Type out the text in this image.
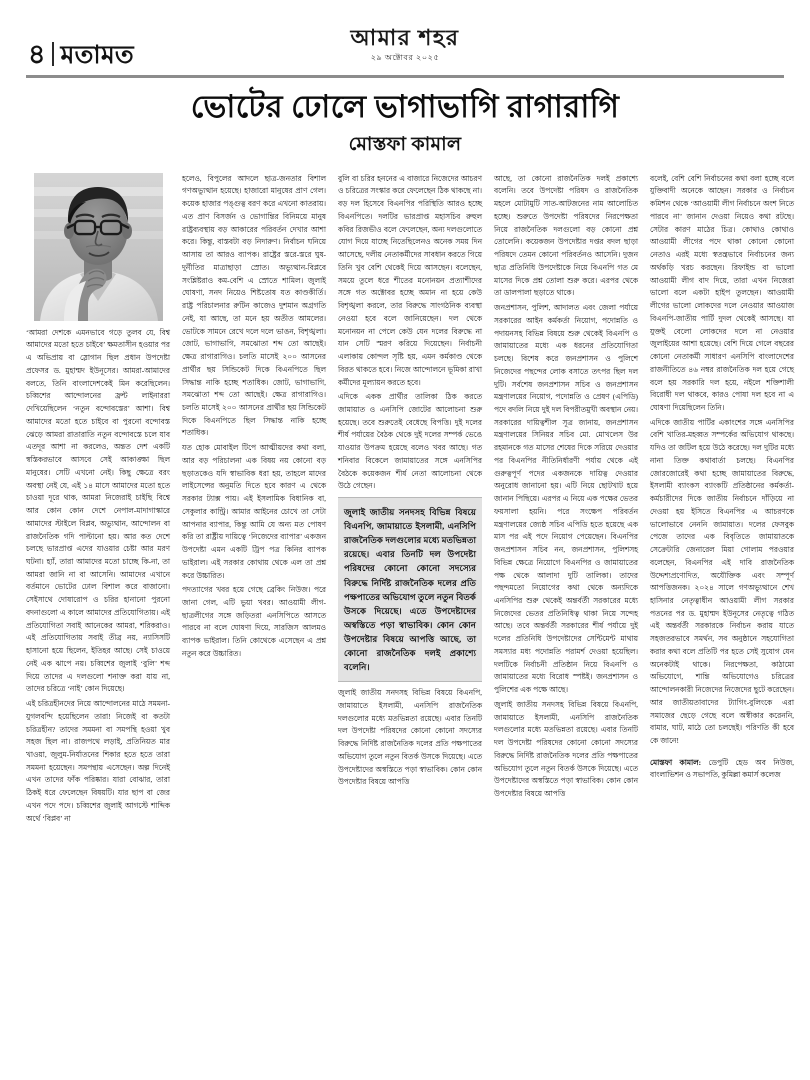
৪ মতামত
আমার শহর
২৯ অক্টোবর ২০২৫
ভোটের ঢোলে ভাগাভাগি রাগারাগি
মোস্তফা কামাল

‘আমরা দেশকে এমনভাবে গড়ে তুলব যে, বিশ্ব আমাদের মতো হতে চাইবে’ ক্ষমতাসীন হওয়ার পর এ অভিপ্রায় বা স্লোগান ছিল প্রধান উপদেষ্টা প্রফেসর ড. মুহাম্মদ ইউনূসের। আমরা-আমাদের বলতে, তিনি বাংলাদেশকেই মিন করেছিলেন। চব্বিশের আন্দোলনের ফ্রন্ট লাইনাররা দেখিয়েছিলেন ‘নতুন বন্দোবস্তের’ আশা। বিশ্ব আমাদের মতো হতে চাইবে বা পুরনো বন্দোবস্ত ঝেড়ে আমরা রাতারাতি নতুন বন্দোবস্তে চলে যাব এতদূর আশা না করলেও, অন্তত দেশ একটি স্বস্তিকরভাবে আসবে সেই আকাঙ্ক্ষা ছিল মানুষের। সেটি এখনো নেই। কিছু ক্ষেত্রে বরং অবস্থা নেই যে, এই ১৪ মাসে আমাদের মতো হতে চাওয়া দূরে থাক, আমরা নিজেরাই চাইছি বিশ্বে আর কোন কোন দেশে নেপাল-মাদাগাস্কারে আমাদের স্টাইলে বিপ্লব, অভ্যুত্থান, আন্দোলন বা রাজনৈতিক গদি পাল্টানো হয়। আর কত দেশে চলছে ভারপ্রাপ্ত এদের যাওয়ার চেষ্টা আর মরণ ঘটনা। হ্যাঁ, তারা আমাদের মতো চাচ্ছে কি-না, তা আমরা জানি না বা আসেনি। আমাদের এখানে বর্তমানে ভোটের ঢোল বিশাল করে বাজানো। সেইসাথে দোষারোপ ও চরির হানানো পুরনো বদনাগুলো এ কালে আমাদের প্রতিযোগিতায়। এই প্রতিযোগিতা সবাই আনেকের আমরা, শরিকরাও। এই প্রতিযোগিতায় সবাই তীব্র নয়, ন্যাসিসটি হাসানো হয়ে ছিলেন, ইতিহর আছে। সেই চাওয়ে নেই এক ঝাপে নয়। চব্বিশের জুলাই ‘বুলি’ শব্দ দিয়ে তাদের এ দলগুলো শনাক্ত করা যায় না, তাদের চরিত্রে ‘নাই’ কোন দিয়েছে।

এই চরিত্রহীনদের নিয়ে আন্দোলনের মাঠে সমমনা-যুগলবন্দি হয়েছিলেন তারা! নিজেই বা কতটা চরিত্রহীন? তাদের সমমনা বা সমপন্থি হওয়া খুব সহজ ছিল না। রাজপথে লড়াই, প্রতিনিয়ত মার খাওয়া, জুলুম-নির্যাতনের শিকার হতে হতে তারা সমমনা হয়েছেন। সমপন্থায় এসেছেন। অল্প দিনেই এখন তাদের ফাঁক পরিষ্কার। যারা বোঝার, তারা ঠিকই ধরে ফেলেছেন বিষয়টি। যার ছাপ বা জের এখন পদে পদে। চব্বিশের জুলাই আগস্টে শাব্দিক অর্থে ‘বিপ্লব’ না

হলেও, বিপুলের আদলে ছাত্র-জনতার বিশাল গণঅভ্যুত্থান হয়েছে। হাজারো মানুষের প্রাণ গেল। কয়েক হাজার পঙ্গুত্ব বরণ করে এখনো কাতরায়। এত প্রাণ বিসর্জন ও ভোগান্তির বিনিময়ে মানুষ রাষ্ট্রব্যবস্থায় বড় আকারের পরিবর্তন দেখার আশা করে। কিন্তু, বাস্তবটা বড় নিদারুণ। নির্বাচন ঘনিয়ে আসায় তা আরও ব্যাপক। রাষ্ট্রের স্তরে-স্তরে ঘুষ-দুর্নীতির মাত্রাছাড়া স্রোত। অভ্যুত্থান-বিপ্লবে সংশ্লিষ্টরাও কম-বেশি এ স্রোতে শামিল। জুলাই ঘোষণা, সনদ নিয়েও শিষ্টতোষ যত কাণ্ডকীর্তি। রাষ্ট্র পরিচালনার রুটিন কাজেও দুশমান অগ্রগতি নেই, যা আছে, তা মনে হয় অতীত আমলের। ভোটকে সামনে রেখে দলে দলে ভাঙন, বিশৃঙ্খলা। জোট, ভাগাভাগি, সমঝোতা শব্দ তো আছেই। ক্ষেত্র রাগারাগিও। চলতি মাসেই ২০০ আসনের প্রার্থীর ছয় সিন্ডিকেট দিকে বিএনপিতে ছিল সিদ্ধান্ত নাকি হচ্ছে শতাধিক। জোট, ভাগাভাগি, সমঝোতা শব্দ তো আছেই। ক্ষেত্র রাগারাগিও। চলতি মাসেই ২০০ আসনের প্রার্থীর ছয় সিন্ডিকেট দিকে বিএনপিতে ছিল সিদ্ধান্ত নাকি হচ্ছে শতাধিক।

যত হোক মোবাইল টিপে আত্মীয়দের কথা বলা, আর বড় পরিচালনা এক বিষয় নয় কোনো বড় ছড়াতকেও যদি স্বাভাবিক ধরা হয়, তাহলে মাদের লাইসেন্সের অনুমতি দিতে হবে কারণ এ থেকে সরকার ট্যাক্স পায়। এই ইসলামিক বিধানিক বা, সেকুলার কান্ট্রি। আমার আইনের চোখে তা সেটা আপনার ব্যাপার, কিন্তু আমি যে অন্য মত পোষণ করি তা রাষ্ট্রীয় দায়িত্বে ‘নিজেদের ব্যাপার’ একজন উপদেষ্টা এমন একটি ট্রিপ পত্র কিনির ব্যাপক ভাইরাল। এই সরকার কোথায় থেকে এল তা প্রশ্ন করে উচ্চারিত।

পদত্যাগের খবর হয়ে গেছে ব্রেকিং নিউজ। পরে জানা গেল, এটি ভুয়া খবর। আওয়ামী লীগ-ছাত্রলীগের সঙ্গে জড়িতরা এনসিপিতে আসতে পারবে না বলে ঘোষণা দিয়ে, সারজিস আলমও ব্যাপক ভাইরাল। তিনি কোথেকে এসেছেন এ প্রশ্ন নতুন করে উচ্চারিত।

বুলি বা চরির হননের এ বাজারে নিজেদের আচরণ ও চরিত্রের সংস্কার করে ফেলেছেন ঠিক থাকছে না। বড় দল হিসেবে বিএনপির পরিস্থিতি আরও হচ্ছে বিএনপিতে। দলটির ভারপ্রাপ্ত মহাসচিব রুহুল কবির রিজভীও বলে ফেলেছেন, অন্য দলগুলোতে যোগ দিয়ে যাচ্ছে নিতেছিলেনও অনেক সময় দিন আসেছে, দলীয় নেতাকর্মীদের সাবধান করতে গিয়ে তিনি খুব বেশি থেকেই দিয়ে আসছেন। বলেছেন, সময়ে তুলে ধরে শীতের মনোনয়ন প্রত্যাশীদের সঙ্গে গত অক্টোবর হচ্ছে অমান না হয়ে কেউ বিশৃঙ্খলা করলে, তার বিরুদ্ধে সাংগঠনিক ব্যবস্থা নেওয়া হবে বলে জানিয়েছেন। দল থেকে মনোনয়ন না পেলে কেউ যেন দলের বিরুদ্ধে না যান সেটি স্মরণ করিয়ে দিয়েছেন। নির্বাচনী এলাকায় কোন্দল সৃষ্টি হয়, এমন কর্মকাণ্ড থেকে বিরত থাকতে হবে। নিজে আন্দোলনে ভূমিকা রাখা কর্মীদের মূল্যায়ন করতে হবে।

এদিকে একক প্রার্থীর তালিকা ঠিক করতে জামায়াত ও এনসিপি জোটের আলোচনা শুরু হয়েছে। তবে শুরুতেই বেধেছে বিপত্তি। দুই দলের শীর্ষ পর্যায়ের বৈঠক থেকে দুই দলের সম্পর্ক ভেঙে যাওয়ার উপক্রম হয়েছে বলেও খবর আছে। গত শনিবার বিকেলে জামায়াতের সঙ্গে এনসিপির বৈঠকে কয়েকজন শীর্ষ নেতা আলোচনা থেকে উঠে গেছেন।

জুলাই জাতীয় সনদসহ বিভিন্ন বিষয়ে বিএনপি, জামায়াতে ইসলামী, এনসিপি রাজনৈতিক দলগুলোর মধ্যে মতভিন্নতা রয়েছে। এবার তিনটি দল উপদেষ্টা পরিষদের কোনো কোনো সদস্যের বিরুদ্ধে নির্দিষ্ট রাজনৈতিক দলের প্রতি পক্ষপাতের অভিযোগ তুলে নতুন বিতর্ক উসকে দিয়েছে। এতে উপদেষ্টাদের অস্বস্তিতে পড়া স্বাভাবিক। কোন কোন উপদেষ্টার বিষয়ে আপত্তি আছে, তা কোনো রাজনৈতিক দলই প্রকাশ্যে বলেনি।

জুলাই জাতীয় সনদসহ বিভিন্ন বিষয়ে বিএনপি, জামায়াতে ইসলামী, এনসিপি রাজনৈতিক দলগুলোর মধ্যে মতভিন্নতা রয়েছে। এবার তিনটি দল উপদেষ্টা পরিষদের কোনো কোনো সদস্যের বিরুদ্ধে নির্দিষ্ট রাজনৈতিক দলের প্রতি পক্ষপাতের অভিযোগ তুলে নতুন বিতর্ক উসকে দিয়েছে। এতে উপদেষ্টাদের অস্বস্তিতে পড়া স্বাভাবিক। কোন কোন উপদেষ্টার বিষয়ে আপত্তি

আছে, তা কোনো রাজনৈতিক দলই প্রকাশ্যে বলেনি। তবে উপদেষ্টা পরিষদ ও রাজনৈতিক মহলে মোটামুটি সাত-আটজনের নাম আলোচিত হচ্ছে। শুরুতে উপদেষ্টা পরিষদের নিরপেক্ষতা নিয়ে রাজনৈতিক দলগুলো বড় কোনো প্রশ্ন তোলেনি। কয়েকজন উপদেষ্টার দপ্তর বদল ছাড়া পরিষদে তেমন কোনো পরিবর্তনও আসেনি। দুজন ছাত্র প্রতিনিধি উপদেষ্টাকে নিয়ে বিএনপি গত মে মাসের দিকে প্রশ্ন তোলা শুরু করে। এরপর থেকে তা ডালপালা ছড়াতে থাকে।

জনপ্রশাসন, পুলিশ, আদালত এবং জেলা পর্যায়ে সরকারের আইন কর্মকর্তা নিয়োগ, পদোন্নতি ও পদায়নসহ বিভিন্ন বিষয়ে শুরু থেকেই বিএনপি ও জামায়াতের মধ্যে এক ধরনের প্রতিযোগিতা চলছে। বিশেষ করে জনপ্রশাসন ও পুলিশে নিজেদের পছন্দের লোক বসাতে তৎপর ছিল দল দুটি। সর্বশেষ জনপ্রশাসন সচিব ও জনপ্রশাসন মন্ত্রণালয়ের নিয়োগ, পদোন্নতি ও প্রেষণ (এপিডি) পদে বদলি নিয়ে দুই দল বিপরীতমুখী অবস্থান নেয়। সরকারের দায়িত্বশীল সূত্র জানায়, জনপ্রশাসন মন্ত্রণালয়ের সিনিয়র সচিব মো. মোখলেস উর রহমানকে গত মাসের শেষের দিকে সরিয়ে দেওয়ার পর বিএনপির নীতিনির্ধারণী পর্যায় থেকে এই গুরুত্বপূর্ণ পদের একজনকে দায়িত্ব দেওয়ার অনুরোধ জানানো হয়। এটি নিয়ে ছোটখাট হয়ে জানান পিছিয়ে। এরপর এ নিয়ে এক পক্ষের ভেতর ফয়সালা হয়নি। পরে সংক্ষেপ পরিবর্তন মন্ত্রণালয়ের জ্যেষ্ঠ সচিব এপিডি হতে হয়েছে এক মাস পর এই পদে নিয়োগ পেয়েছেন। বিএনপির জনপ্রশাসন সচিব নন, জনপ্রশাসন, পুলিশসহ বিভিন্ন ক্ষেত্রে নিয়োগে বিএনপির ও জামায়াতের পক্ষ থেকে আলাদা দুটি তালিকা। তাদের পছন্দমতো নিয়োগের কথা থেকে অন্যদিকে এনসিপির শুরু থেকেই অন্তর্বর্তী সরকারের মধ্যে নিজেদের ভেতর প্রতিনিধিত্ব থাকা নিয়ে সন্দেহ আছে। তবে অন্তর্বর্তী সরকারের শীর্ষ পর্যায়ে দুই দলের প্রতিনিধি উপদেষ্টাদের সেন্টিমেন্ট মাথায় সমস্যার মধ্য পদোন্নতি পরামর্শ দেওয়া হয়েছিল। দলটিকে নির্বাচনী প্রতিষ্ঠান নিয়ে বিএনপি ও জামায়াতের মধ্যে বিরোধ স্পষ্টই। জনপ্রশাসন ও পুলিশের এক পক্ষে আছে।

জুলাই জাতীয় সনদসহ বিভিন্ন বিষয়ে বিএনপি, জামায়াতে ইসলামী, এনসিপি রাজনৈতিক দলগুলোর মধ্যে মতভিন্নতা রয়েছে। এবার তিনটি দল উপদেষ্টা পরিষদের কোনো কোনো সদস্যের বিরুদ্ধে নির্দিষ্ট রাজনৈতিক দলের প্রতি পক্ষপাতের অভিযোগ তুলে নতুন বিতর্ক উসকে দিয়েছে। এতে উপদেষ্টাদের অস্বস্তিতে পড়া স্বাভাবিক। কোন কোন উপদেষ্টার বিষয়ে আপত্তি

বলেই, বেশি বেশি নির্বাচনের কথা বলা হচ্ছে বলে যুক্তিবাদী অনেকে আছেন। সরকার ও নির্বাচন কমিশন থেকে ‘আওয়ামী লীগ নির্বাচনে অংশ নিতে পারবে না’ জানান দেওয়া নিয়েও কথা রটছে। সেটার কারণ মাঠের চিত্র। কোথাও কোথাও আওয়ামী লীগের পদে থাকা কোনো কোনো নেতাও এরই মধ্যে স্বতন্ত্রভাবে নির্বাচনের জন্য অর্থকড়ি খরচ করছেন। রিফাইন্ড বা ভালো আওয়ামী লীগ বাদ দিয়ে, তারা এখন নিজেরা ভালো বলে একটা হাইপ তুলছেন। আওয়ামী লীগের ভালো লোকদের দলে নেওয়ার আওয়াজ বিএনপি-জাতীয় পার্টি দুদল থেকেই আসছে। যা যুক্তই বেলো লোকদের দলে না নেওয়ার জুলাইয়ের আশা হয়েছে। বেশি দিয়ে গেলে বছরের কোনো নেতাকর্মী সাধারণ এনসিপি বাংলাদেশের রাজনীতিতে ৪৬ নম্বর রাজনৈতিক দল হয়ে গেছে বলে হয় সরকারি দল হয়ে, নইলে শক্তিশালী বিরোধী দল থাকবে, কারও পোষা দল হবে না এ ঘোষণা দিয়েছিলেন তিনি।

এদিকে জাতীয় পার্টির একাংশের সঙ্গে এনসিপির বেশি খাতির-মহব্বত সম্পর্কের অভিযোগ থাকছে। যদিও তা জটিল হয়ে উঠে করেছে। দল দুটির মধ্যে নানা তিক্ত কথাবার্তা চলছে। বিএনপির জোরজোরেই কথা হচ্ছে জামায়াতের বিরুদ্ধে, ইসলামী ব্যাংকস ব্যাংকটি প্রতিষ্ঠানের কর্মকর্তা-কর্মচারীদের দিকে জাতীয় নির্বাচনে দাঁড়িয়ে না দেওয়া হয় ইসিতে বিএনপির এ আচরণকে ভালোভাবে নেননি জামায়াত। দলের ফেসবুক পেজে তাদের এক বিবৃতিতে জামায়াতকে সেক্রেটারি জেনারেল মিয়া গোলাম পরওয়ার বলেছেন, বিএনপির এই দাবি রাজনৈতিক উদ্দেশ্যপ্রণোদিত, অযৌক্তিক এবং সম্পূর্ণ আপত্তিজনক। ২০২৪ সালে গণঅভ্যুত্থানে শেখ হাসিনার নেতৃত্বাধীন আওয়ামী লীগ সরকার পতনের পর ড. মুহাম্মদ ইউনূসের নেতৃত্বে গঠিত এই অন্তর্বর্তী সরকারকে নির্বাচন করায় যাতে সহজতরভাবে সমর্থন, সব অনুষ্ঠানে সহযোগিতা করার কথা বলে প্রতিটি পর হতে সেই সুযোগ যেন অনেকটাই থাকে। নিরপেক্ষতা, কাঠামো অভিযোগে, শান্তি অভিযোগেও চরিত্রের আন্দোলনকারী নিজেদের নিজেদের ছুটে করেছেন। আর জাতীয়তাবাদের ট্যাগিং-বুলিংকে এরা সমাজের ছেড়ে গেছে বলে অস্বীকার করেননি, বামার, ঘাট, মাঠে তো চলছেই। পরিণতি কী হবে কে জানে!

মোস্তফা কামাল: ডেপুটি হেড অব নিউজ, বাংলাভিশন ও সভাপতি, কুমিল্লা কমার্স কলেজ
